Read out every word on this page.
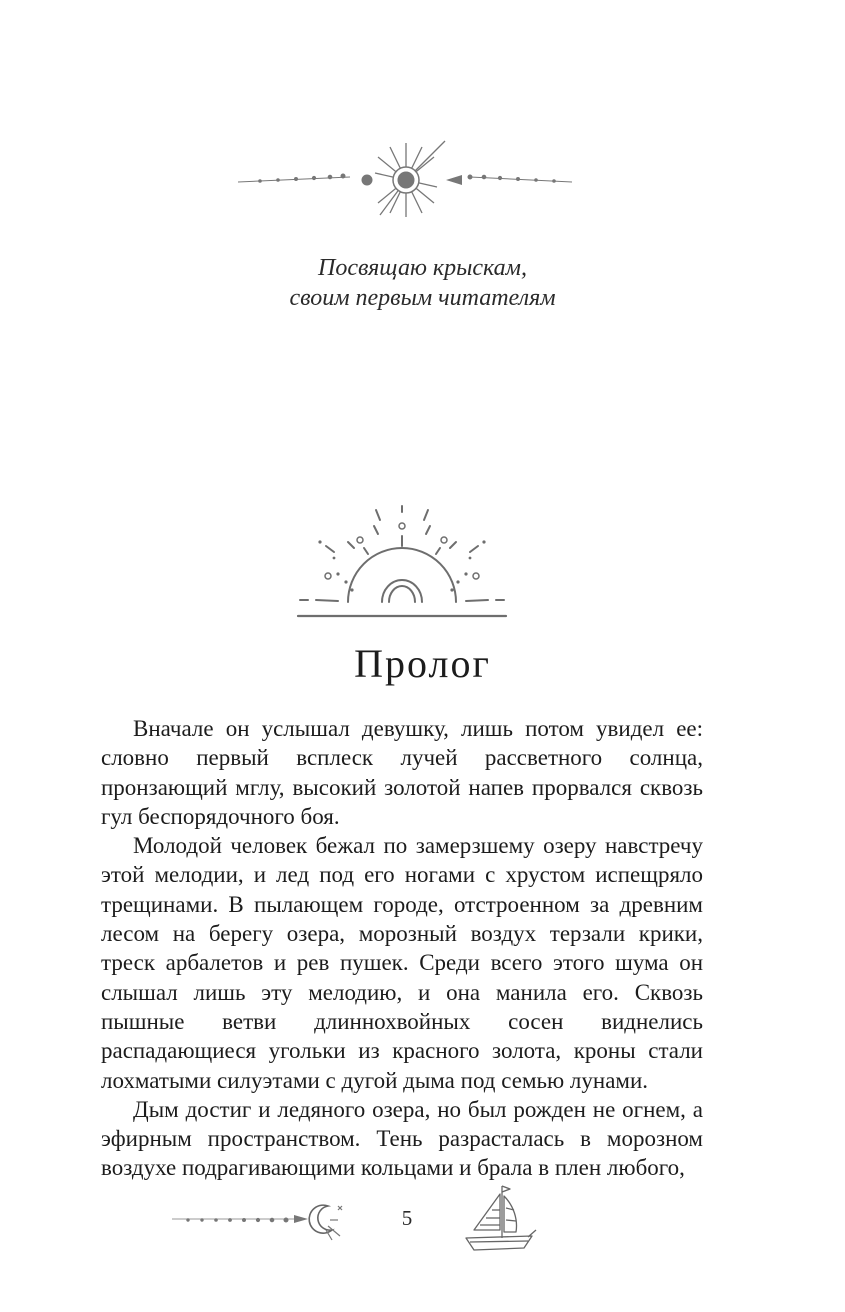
Посвящаю крыскам,
своим первым читателям
Пролог

Вначале он услышал девушку, лишь потом увидел ее: словно первый всплеск лучей рассветного солнца, пронзающий мглу, высокий золотой напев прорвался сквозь гул беспорядочного боя.

Молодой человек бежал по замерзшему озеру навстречу этой мелодии, и лед под его ногами с хрустом испещряло трещинами. В пылающем городе, отстроенном за древним лесом на берегу озера, морозный воздух терзали крики, треск арбалетов и рев пушек. Среди всего этого шума он слышал лишь эту мелодию, и она манила его. Сквозь пышные ветви длиннохвойных сосен виднелись распадающиеся угольки из красного золота, кроны стали лохматыми силуэтами с дугой дыма под семью лунами.

Дым достиг и ледяного озера, но был рожден не огнем, а эфирным пространством. Тень разрасталась в морозном воздухе подрагивающими кольцами и брала в плен любого,

5
